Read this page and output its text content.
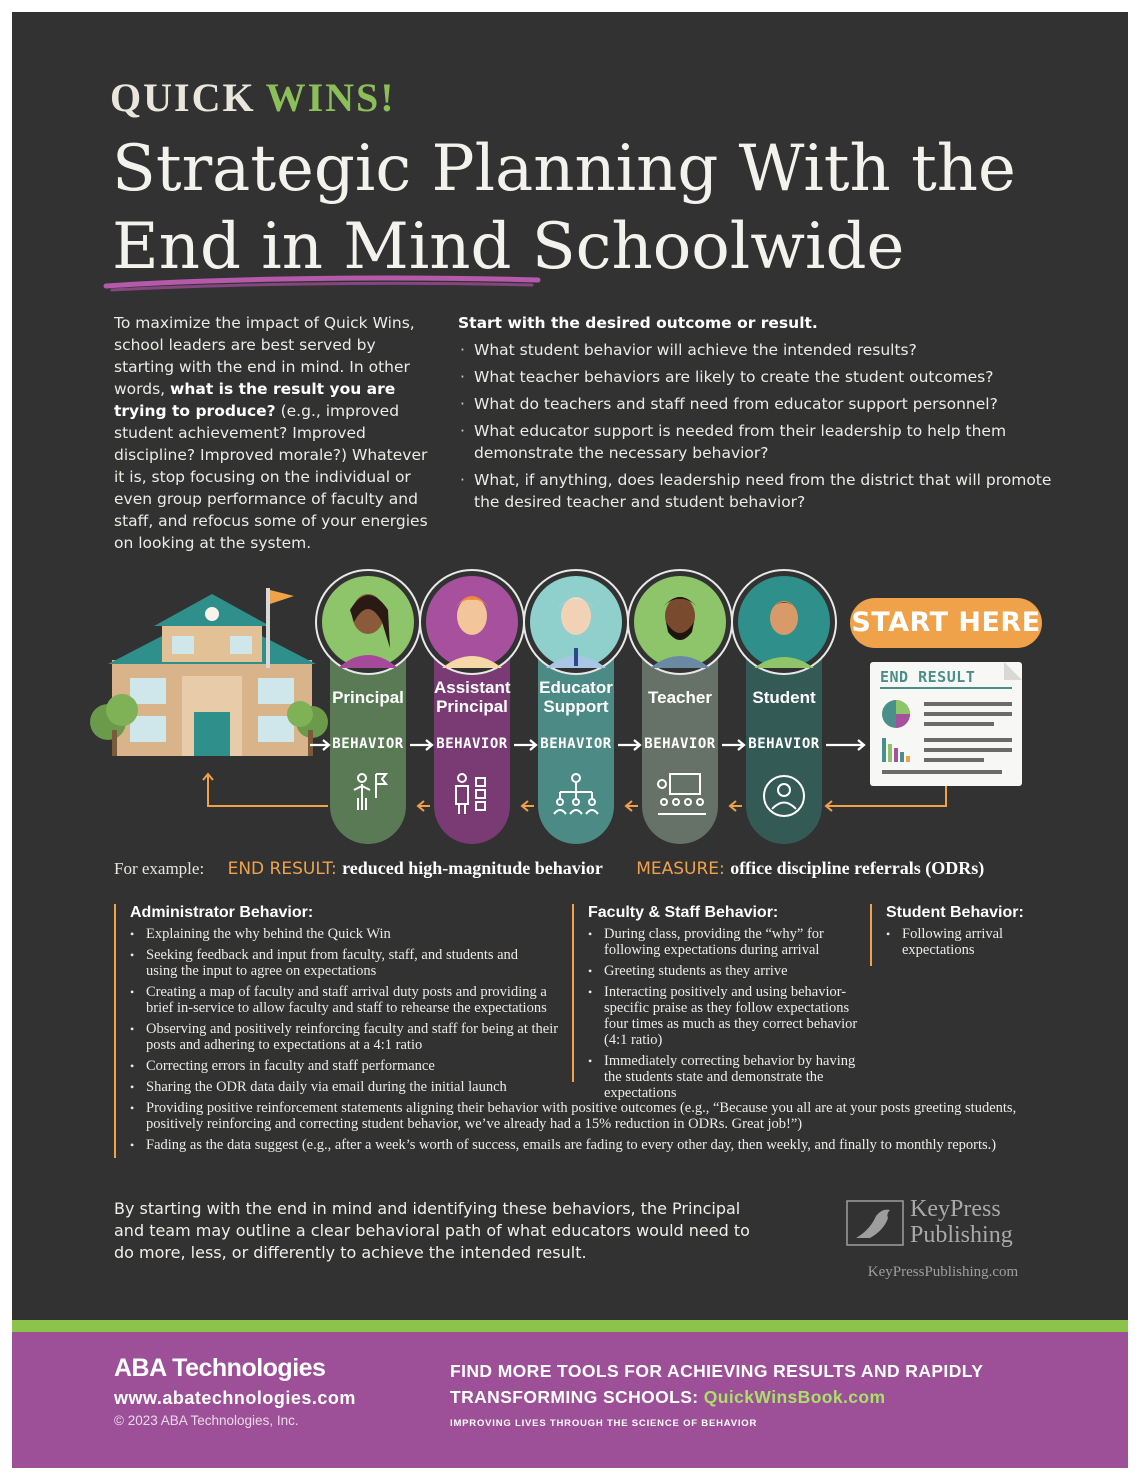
QUICK WINS!
Strategic Planning With the
End in Mind Schoolwide
To maximize the impact of Quick Wins, school leaders are best served by starting with the end in mind. In other words, what is the result you are trying to produce? (e.g., improved student achievement? Improved discipline? Improved morale?) Whatever it is, stop focusing on the individual or even group performance of faculty and staff, and refocus some of your energies on looking at the system.
Start with the desired outcome or result.
· What student behavior will achieve the intended results?
· What teacher behaviors are likely to create the student outcomes?
· What do teachers and staff need from educator support personnel?
· What educator support is needed from their leadership to help them demonstrate the necessary behavior?
· What, if anything, does leadership need from the district that will promote the desired teacher and student behavior?
Principal
Assistant Principal
Educator Support	Teacher	Student
BEHAVIOR BEHAVIOR BEHAVIOR BEHAVIOR BEHAVIOR
START HERE
END RESULT
For example: END RESULT: reduced high-magnitude behavior MEASURE: office discipline referrals (ODRs)
Administrator Behavior:
• Explaining the why behind the Quick Win
• Seeking feedback and input from faculty, staff, and students and using the input to agree on expectations
• Creating a map of faculty and staff arrival duty posts and providing a brief in-service to allow faculty and staff to rehearse the expectations
• Observing and positively reinforcing faculty and staff for being at their posts and adhering to expectations at a 4:1 ratio
• Correcting errors in faculty and staff performance
• Sharing the ODR data daily via email during the initial launch
• Providing positive reinforcement statements aligning their behavior with positive outcomes (e.g., “Because you all are at your posts greeting students, positively reinforcing and correcting student behavior, we’ve already had a 15% reduction in ODRs. Great job!”)
• Fading as the data suggest (e.g., after a week’s worth of success, emails are fading to every other day, then weekly, and finally to monthly reports.)
Faculty & Staff Behavior:
• During class, providing the “why” for following expectations during arrival
• Greeting students as they arrive
• Interacting positively and using behavior-specific praise as they follow expectations four times as much as they correct behavior (4:1 ratio)
• Immediately correcting behavior by having the students state and demonstrate the expectations
Student Behavior:
• Following arrival expectations
By starting with the end in mind and identifying these behaviors, the Principal and team may outline a clear behavioral path of what educators would need to do more, less, or differently to achieve the intended result.
KeyPress
Publishing
KeyPressPublishing.com
ABA Technologies
www.abatechnologies.com
© 2023 ABA Technologies, Inc.
FIND MORE TOOLS FOR ACHIEVING RESULTS AND RAPIDLY
TRANSFORMING SCHOOLS: QuickWinsBook.com
IMPROVING LIVES THROUGH THE SCIENCE OF BEHAVIOR
